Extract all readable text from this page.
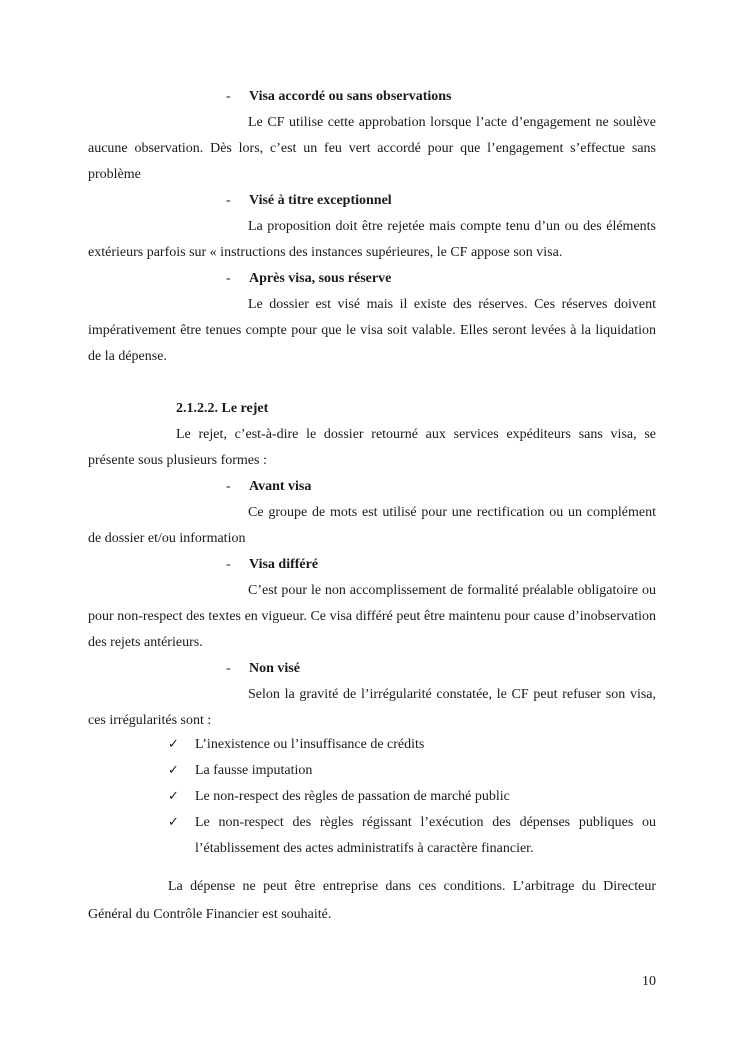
- Visa accordé ou sans observations

Le CF utilise cette approbation lorsque l’acte d’engagement ne soulève aucune observation. Dès lors, c’est un feu vert accordé pour que l’engagement s’effectue sans problème

- Visé à titre exceptionnel

La proposition doit être rejetée mais compte tenu d’un ou des éléments extérieurs parfois sur « instructions des instances supérieures, le CF appose son visa.

- Après visa, sous réserve

Le dossier est visé mais il existe des réserves. Ces réserves doivent impérativement être tenues compte pour que le visa soit valable. Elles seront levées à la liquidation de la dépense.

2.1.2.2. Le rejet

Le rejet, c’est-à-dire le dossier retourné aux services expéditeurs sans visa, se présente sous plusieurs formes :

- Avant visa

Ce groupe de mots est utilisé pour une rectification ou un complément de dossier et/ou information

- Visa différé

C’est pour le non accomplissement de formalité préalable obligatoire ou pour non-respect des textes en vigueur. Ce visa différé peut être maintenu pour cause d’inobservation des rejets antérieurs.

- Non visé

Selon la gravité de l’irrégularité constatée, le CF peut refuser son visa, ces irrégularités sont :

✓ L’inexistence ou l’insuffisance de crédits
✓ La fausse imputation
✓ Le non-respect des règles de passation de marché public
✓ Le non-respect des règles régissant l’exécution des dépenses publiques ou l’établissement des actes administratifs à caractère financier.

La dépense ne peut être entreprise dans ces conditions. L’arbitrage du Directeur Général du Contrôle Financier est souhaité.

10
